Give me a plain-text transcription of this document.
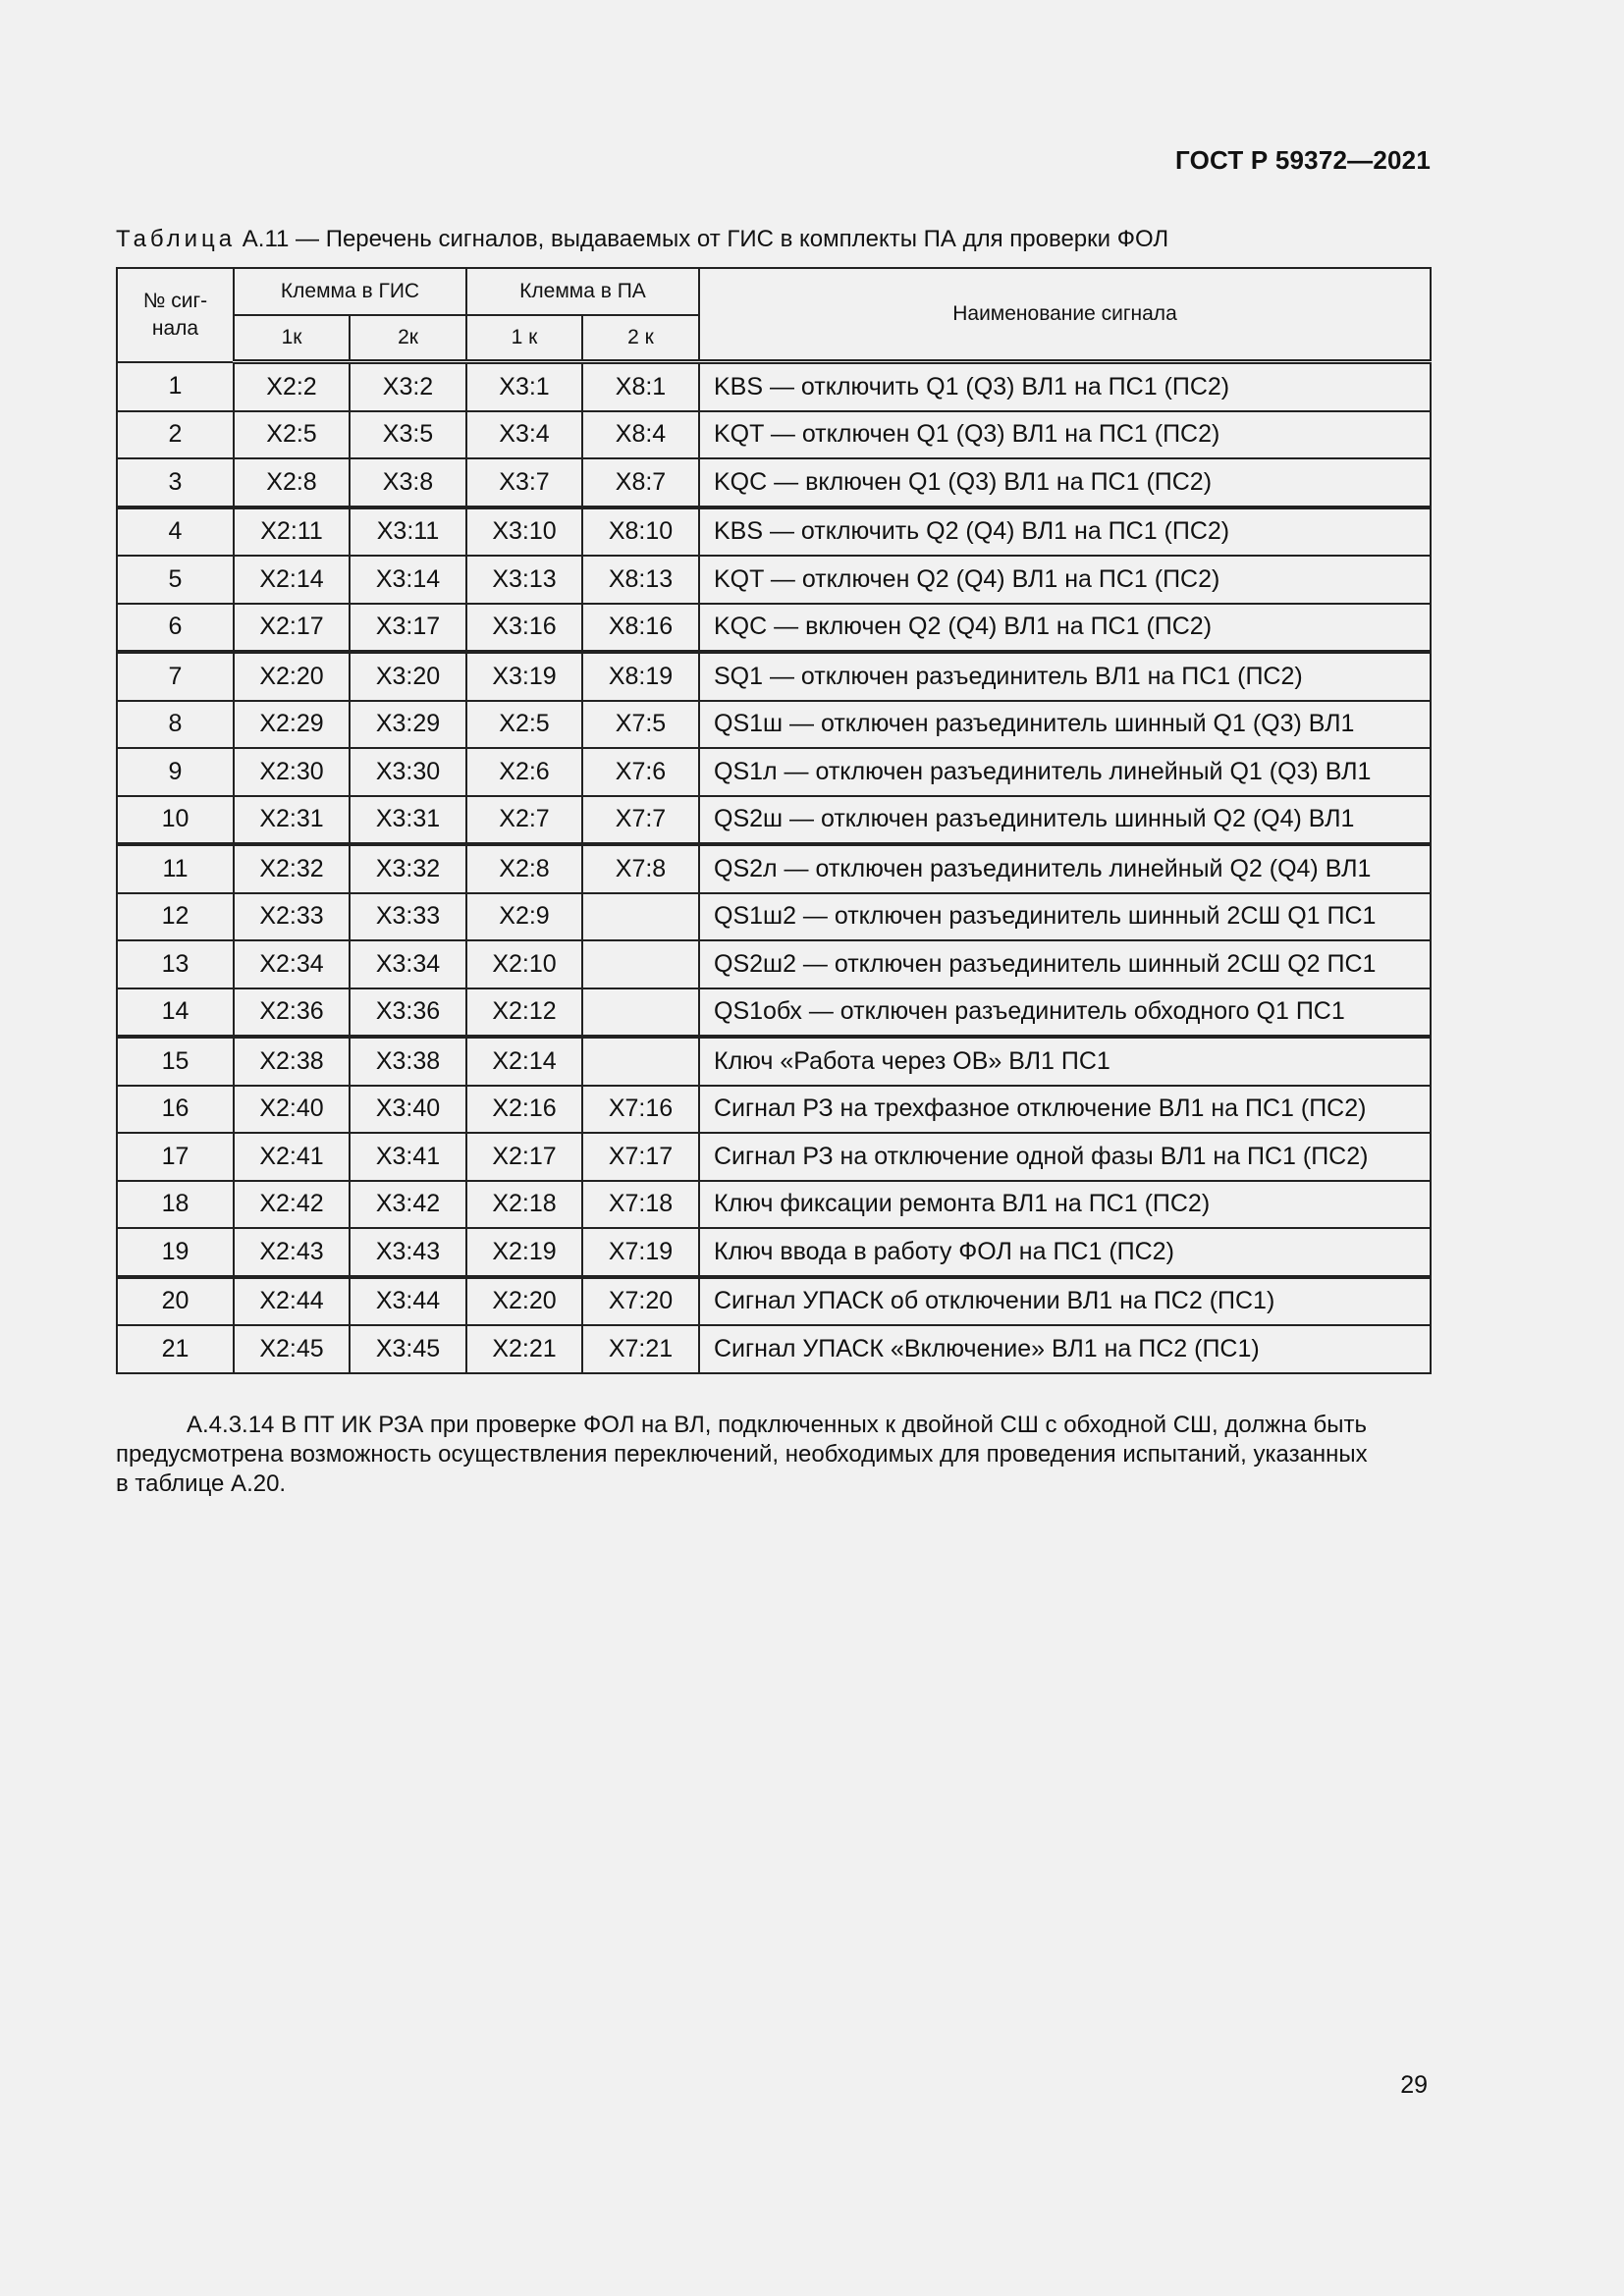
ГОСТ Р 59372—2021
Таблица А.11 — Перечень сигналов, выдаваемых от ГИС в комплекты ПА для проверки ФОЛ
№ сиг-
нала	Клемма в ГИС		Клемма в ПА		Наименование сигнала
	1к	2к	1 к	2 к	
1	X2:2	X3:2	X3:1	X8:1	KBS — отключить Q1 (Q3) ВЛ1 на ПС1 (ПС2)
2	X2:5	X3:5	X3:4	X8:4	KQT — отключен Q1 (Q3) ВЛ1 на ПС1 (ПС2)
3	X2:8	X3:8	X3:7	X8:7	KQC — включен Q1 (Q3) ВЛ1 на ПС1 (ПС2)
4	X2:11	X3:11	X3:10	X8:10	KBS — отключить Q2 (Q4) ВЛ1 на ПС1 (ПС2)
5	X2:14	X3:14	X3:13	X8:13	KQT — отключен Q2 (Q4) ВЛ1 на ПС1 (ПС2)
6	X2:17	X3:17	X3:16	X8:16	KQC — включен Q2 (Q4) ВЛ1 на ПС1 (ПС2)
7	X2:20	X3:20	X3:19	X8:19	SQ1 — отключен разъединитель ВЛ1 на ПС1 (ПС2)
8	X2:29	X3:29	X2:5	X7:5	QS1ш — отключен разъединитель шинный Q1 (Q3) ВЛ1
9	X2:30	X3:30	X2:6	X7:6	QS1л — отключен разъединитель линейный Q1 (Q3) ВЛ1
10	X2:31	X3:31	X2:7	X7:7	QS2ш — отключен разъединитель шинный Q2 (Q4) ВЛ1
11	X2:32	X3:32	X2:8	X7:8	QS2л — отключен разъединитель линейный Q2 (Q4) ВЛ1
12	X2:33	X3:33	X2:9		QS1ш2 — отключен разъединитель шинный 2СШ Q1 ПС1
13	X2:34	X3:34	X2:10		QS2ш2 — отключен разъединитель шинный 2СШ Q2 ПС1
14	X2:36	X3:36	X2:12		QS1обх — отключен разъединитель обходного Q1 ПС1
15	X2:38	X3:38	X2:14		Ключ «Работа через ОВ» ВЛ1 ПС1
16	X2:40	X3:40	X2:16	X7:16	Сигнал РЗ на трехфазное отключение ВЛ1 на ПС1 (ПС2)
17	X2:41	X3:41	X2:17	X7:17	Сигнал РЗ на отключение одной фазы ВЛ1 на ПС1 (ПС2)
18	X2:42	X3:42	X2:18	X7:18	Ключ фиксации ремонта ВЛ1 на ПС1 (ПС2)
19	X2:43	X3:43	X2:19	X7:19	Ключ ввода в работу ФОЛ на ПС1 (ПС2)
20	X2:44	X3:44	X2:20	X7:20	Сигнал УПАСК об отключении ВЛ1 на ПС2 (ПС1)
21	X2:45	X3:45	X2:21	X7:21	Сигнал УПАСК «Включение» ВЛ1 на ПС2 (ПС1)
А.4.3.14 В ПТ ИК РЗА при проверке ФОЛ на ВЛ, подключенных к двойной СШ с обходной СШ, должна быть
предусмотрена возможность осуществления переключений, необходимых для проведения испытаний, указанных
в таблице А.20.
29
